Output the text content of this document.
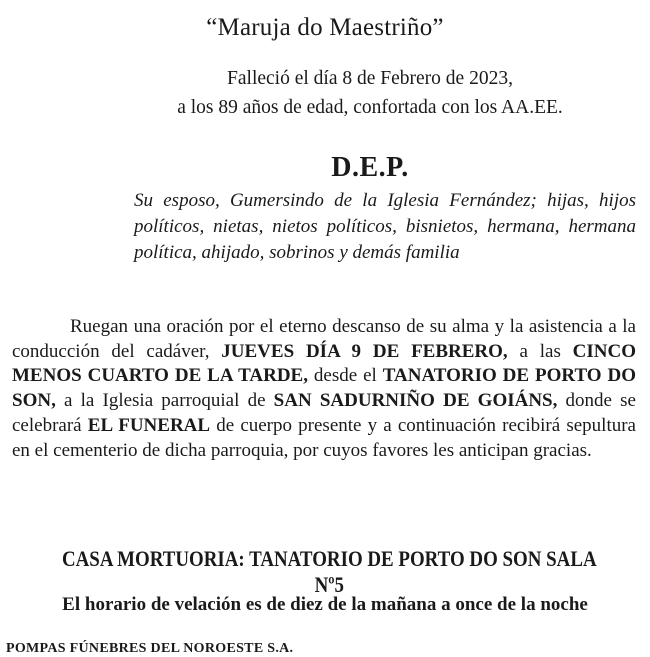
“Maruja do Maestriño”
Falleció el día 8 de Febrero de 2023,
a los 89 años de edad, confortada con los AA.EE.
D.E.P.
Su esposo, Gumersindo de la Iglesia Fernández; hijas, hijos políticos, nietas, nietos políticos, bisnietos, hermana, hermana política, ahijado, sobrinos y demás familia
Ruegan una oración por el eterno descanso de su alma y la asistencia a la conducción del cadáver, JUEVES DÍA 9 DE FEBRERO, a las CINCO MENOS CUARTO DE LA TARDE, desde el TANATORIO DE PORTO DO SON, a la Iglesia parroquial de SAN SADURNIÑO DE GOIÁNS, donde se celebrará EL FUNERAL de cuerpo presente y a continuación recibirá sepultura en el cementerio de dicha parroquia, por cuyos favores les anticipan gracias.
CASA MORTUORIA: TANATORIO DE PORTO DO SON SALA Nº5
El horario de velación es de diez de la mañana a once de la noche
POMPAS FÚNEBRES DEL NOROESTE S.A.
